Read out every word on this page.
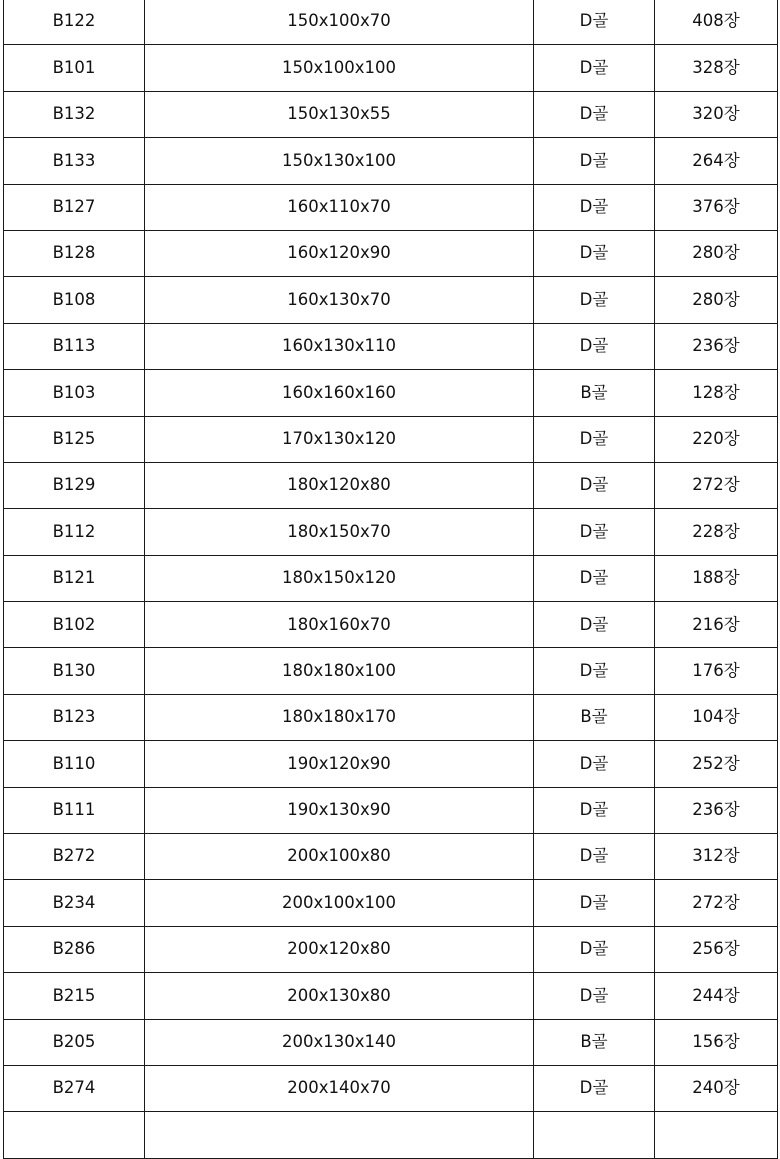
B122	150x100x70	D골	408장
B101	150x100x100	D골	328장
B132	150x130x55	D골	320장
B133	150x130x100	D골	264장
B127	160x110x70	D골	376장
B128	160x120x90	D골	280장
B108	160x130x70	D골	280장
B113	160x130x110	D골	236장
B103	160x160x160	B골	128장
B125	170x130x120	D골	220장
B129	180x120x80	D골	272장
B112	180x150x70	D골	228장
B121	180x150x120	D골	188장
B102	180x160x70	D골	216장
B130	180x180x100	D골	176장
B123	180x180x170	B골	104장
B110	190x120x90	D골	252장
B111	190x130x90	D골	236장
B272	200x100x80	D골	312장
B234	200x100x100	D골	272장
B286	200x120x80	D골	256장
B215	200x130x80	D골	244장
B205	200x130x140	B골	156장
B274	200x140x70	D골	240장
